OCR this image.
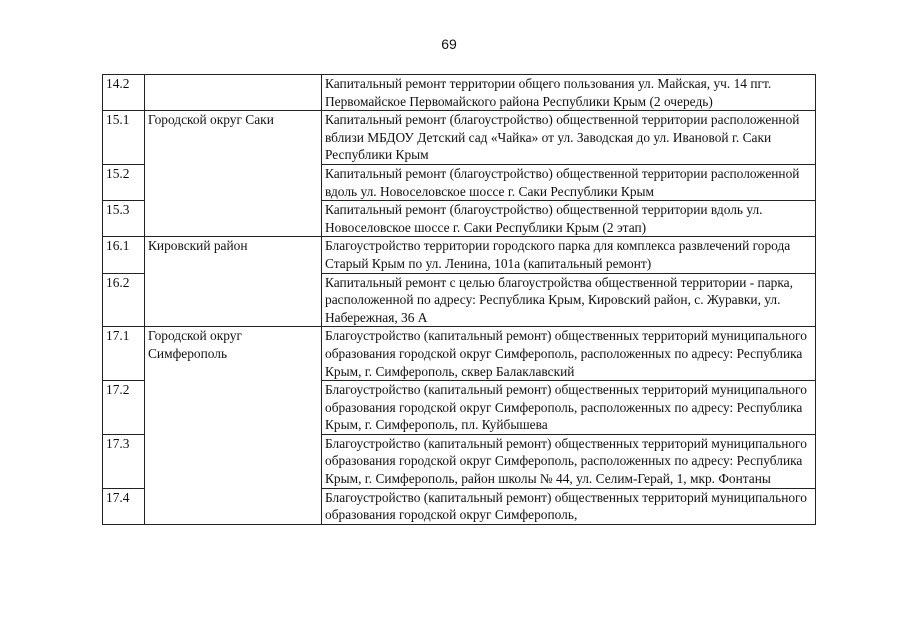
69
14.2		Капитальный ремонт территории общего пользования ул. Майская, уч. 14 пгт. Первомайское Первомайского района Республики Крым (2 очередь)
15.1	Городской округ Саки	Капитальный ремонт (благоустройство) общественной территории расположенной вблизи МБДОУ Детский сад «Чайка» от ул. Заводская до ул. Ивановой г. Саки Республики Крым
15.2		Капитальный ремонт (благоустройство) общественной территории расположенной вдоль ул. Новоселовское шоссе г. Саки Республики Крым
15.3		Капитальный ремонт (благоустройство) общественной территории вдоль ул. Новоселовское шоссе г. Саки Республики Крым (2 этап)
16.1	Кировский район	Благоустройство территории городского парка для комплекса развлечений города Старый Крым по ул. Ленина, 101а (капитальный ремонт)
16.2		Капитальный ремонт с целью благоустройства общественной территории - парка, расположенной по адресу: Республика Крым, Кировский район, с. Журавки, ул. Набережная, 36 А
17.1	Городской округ Симферополь	Благоустройство (капитальный ремонт) общественных территорий муниципального образования городской округ Симферополь, расположенных по адресу: Республика Крым, г. Симферополь, сквер Балаклавский
17.2		Благоустройство (капитальный ремонт) общественных территорий муниципального образования городской округ Симферополь, расположенных по адресу: Республика Крым, г. Симферополь, пл. Куйбышева
17.3		Благоустройство (капитальный ремонт) общественных территорий муниципального образования городской округ Симферополь, расположенных по адресу: Республика Крым, г. Симферополь, район школы № 44, ул. Селим-Герай, 1, мкр. Фонтаны
17.4		Благоустройство (капитальный ремонт) общественных территорий муниципального образования городской округ Симферополь,
